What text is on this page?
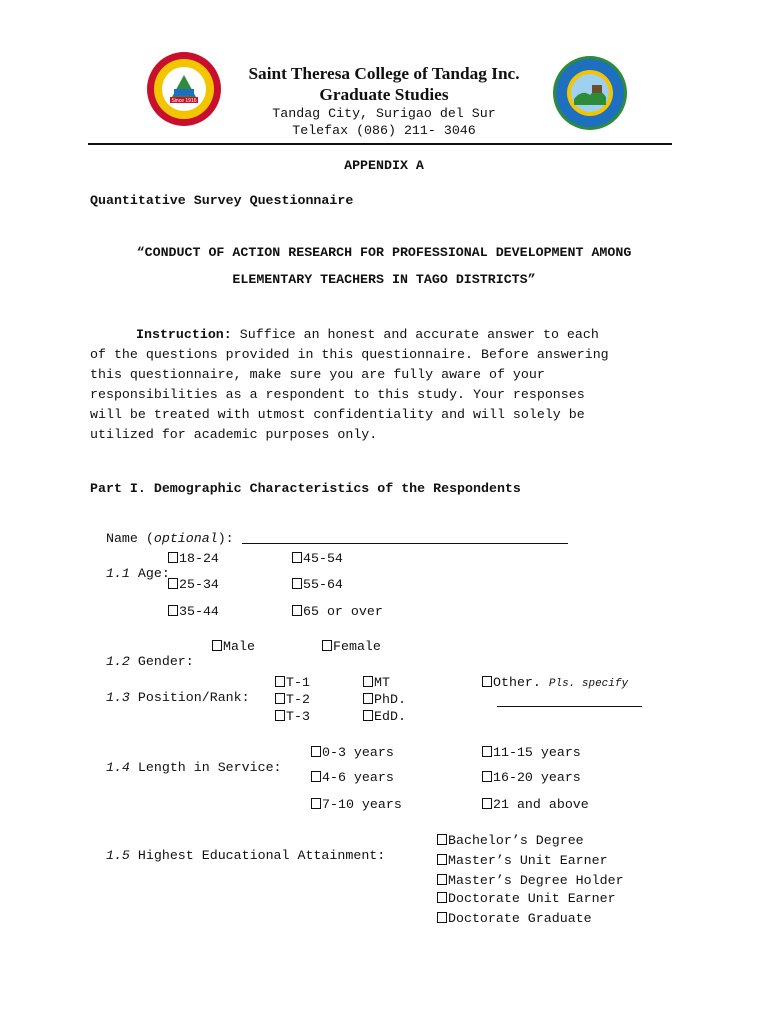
Since 1916
Saint Theresa College of Tandag Inc.
Graduate Studies
Tandag City, Surigao del Sur
Telefax (086) 211- 3046
APPENDIX A
Quantitative Survey Questionnaire
“CONDUCT OF ACTION RESEARCH FOR PROFESSIONAL DEVELOPMENT AMONG
ELEMENTARY TEACHERS IN TAGO DISTRICTS”
Instruction: Suffice an honest and accurate answer to each
of the questions provided in this questionnaire. Before answering
this questionnaire, make sure you are fully aware of your
responsibilities as a respondent to this study. Your responses
will be treated with utmost confidentiality and will solely be
utilized for academic purposes only.
Part I. Demographic Characteristics of the Respondents

Name (optional):

1.1 Age:

18-24
25-34
35-44
45-54
55-64
65 or over

1.2 Gender:

Male	Female

1.3 Position/Rank:

T-1
T-2
T-3
MT
PhD.
EdD.
Other. Pls. specify

1.4 Length in Service:

0-3 years
4-6 years
7-10 years
11-15 years
16-20 years
21 and above

1.5 Highest Educational Attainment:

Bachelor’s Degree
Master’s Unit Earner
Master’s Degree Holder
Doctorate Unit Earner
Doctorate Graduate
